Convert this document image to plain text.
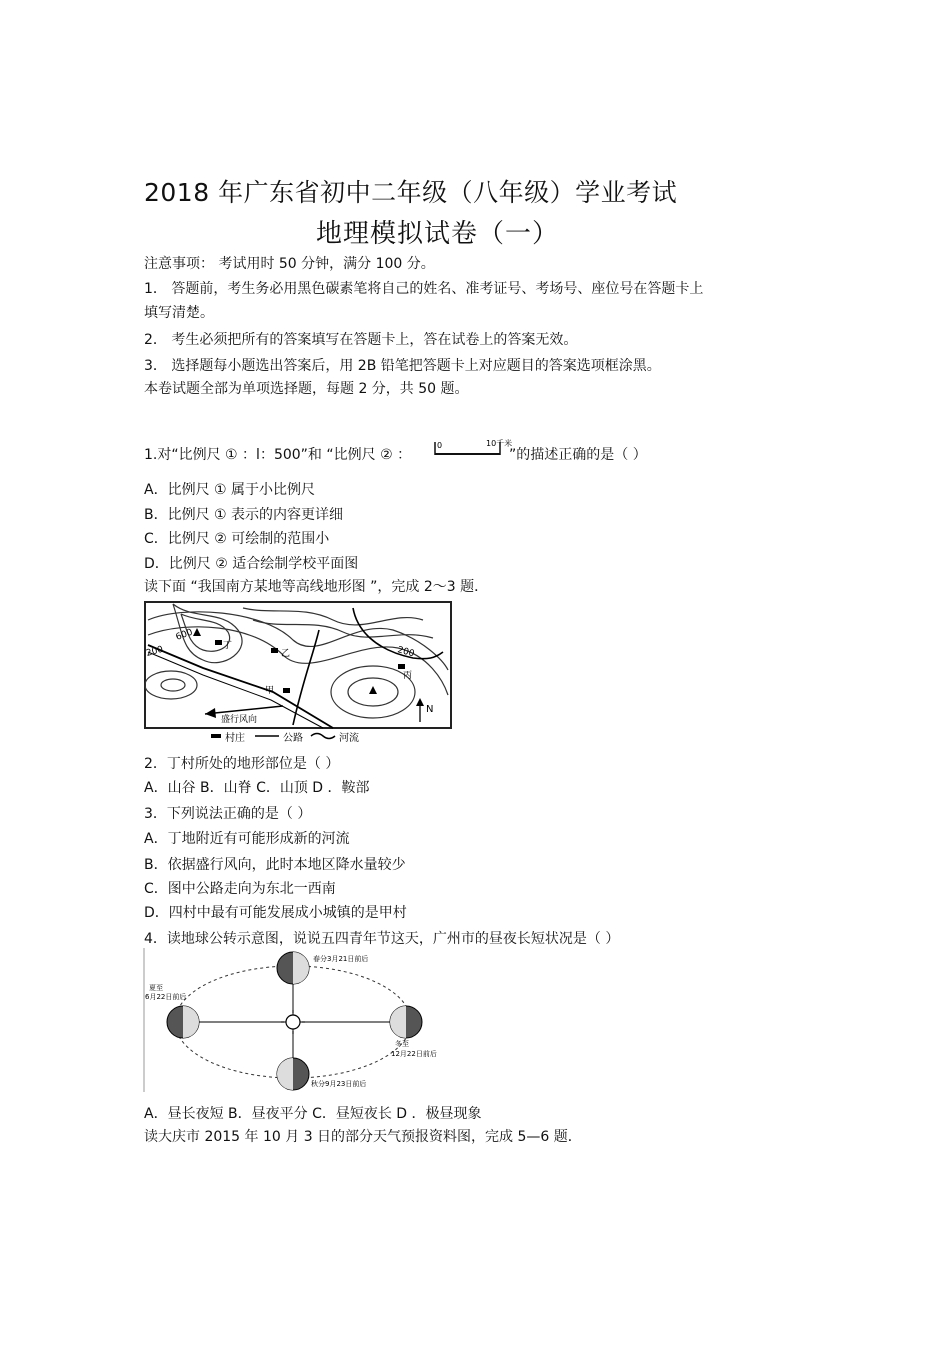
2018 年广东省初中二年级（八年级）学业考试
地理模拟试卷（一）
注意事项： 考试用时 50 分钟，满分 100 分。
1． 答题前，考生务必用黑色碳素笔将自己的姓名、准考证号、考场号、座位号在答题卡上
填写清楚。
2． 考生必须把所有的答案填写在答题卡上，答在试卷上的答案无效。
3． 选择题每小题选出答案后，用 2B 铅笔把答题卡上对应题目的答案选项框涂黑。
本卷试题全部为单项选择题，每题 2 分，共 50 题。
1.对“比例尺 ① ：l：500”和 “比例尺 ② ：
0	10千米
”的描述正确的是（ ）
A．比例尺 ① 属于小比例尺
B．比例尺 ① 表示的内容更详细
C．比例尺 ② 可绘制的范围小
D．比例尺 ② 适合绘制学校平面图
读下面 “我国南方某地等高线地形图 ”，完成 2～3 题．
600
200	200
甲
乙
丙
丁
盛行风向
N
村庄	公路	河流
2．丁村所处的地形部位是（ ）
A．山谷 B．山脊 C．山顶 D ．鞍部
3．下列说法正确的是（ ）
A．丁地附近有可能形成新的河流
B．依据盛行风向，此时本地区降水量较少
C．图中公路走向为东北一西南
D．四村中最有可能发展成小城镇的是甲村
4．读地球公转示意图，说说五四青年节这天，广州市的昼夜长短状况是（ ）
春分3月21日前后
夏至
6月22日前后
冬至
12月22日前后
秋分9月23日前后
A．昼长夜短 B．昼夜平分 C．昼短夜长 D ．极昼现象
读大庆市 2015 年 10 月 3 日的部分天气预报资料图，完成 5—6 题．
